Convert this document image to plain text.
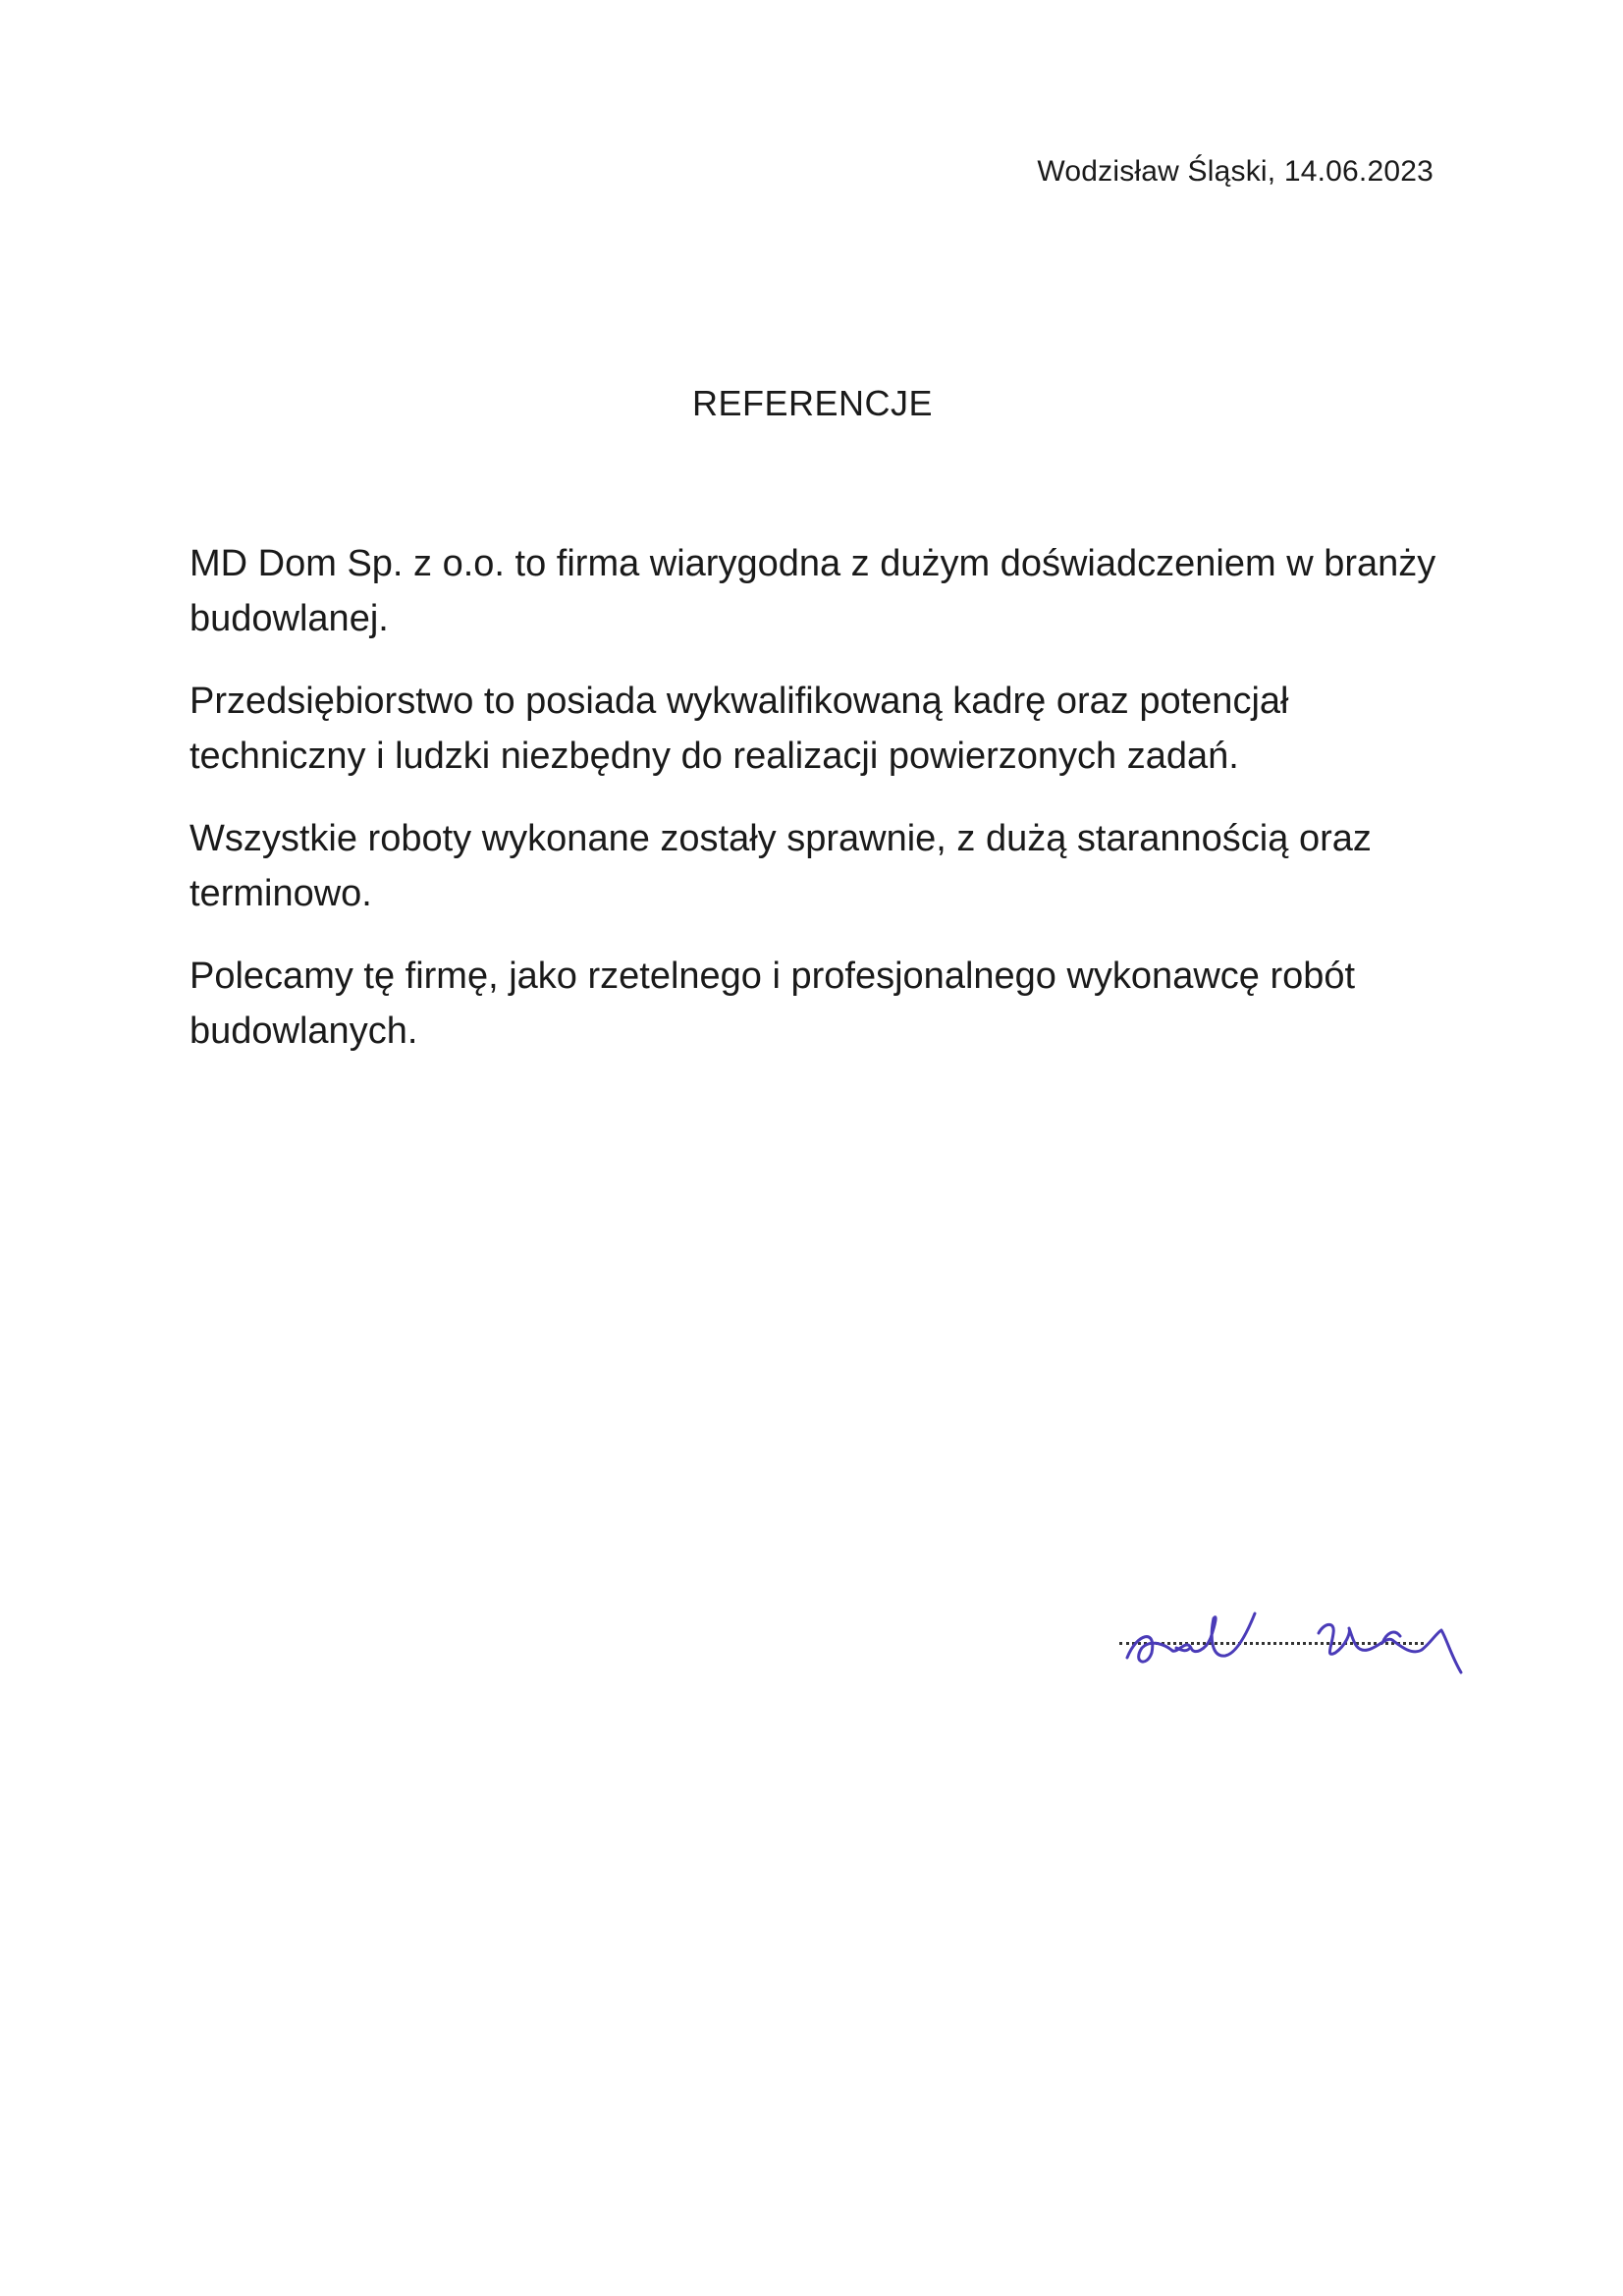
Wodzisław Śląski, 14.06.2023
REFERENCJE

MD Dom Sp. z o.o. to firma wiarygodna z dużym doświadczeniem w branży budowlanej.

Przedsiębiorstwo to posiada wykwalifikowaną kadrę oraz potencjał techniczny i ludzki niezbędny do realizacji powierzonych zadań.

Wszystkie roboty wykonane zostały sprawnie, z dużą starannością oraz terminowo.

Polecamy tę firmę, jako rzetelnego i profesjonalnego wykonawcę robót budowlanych.
